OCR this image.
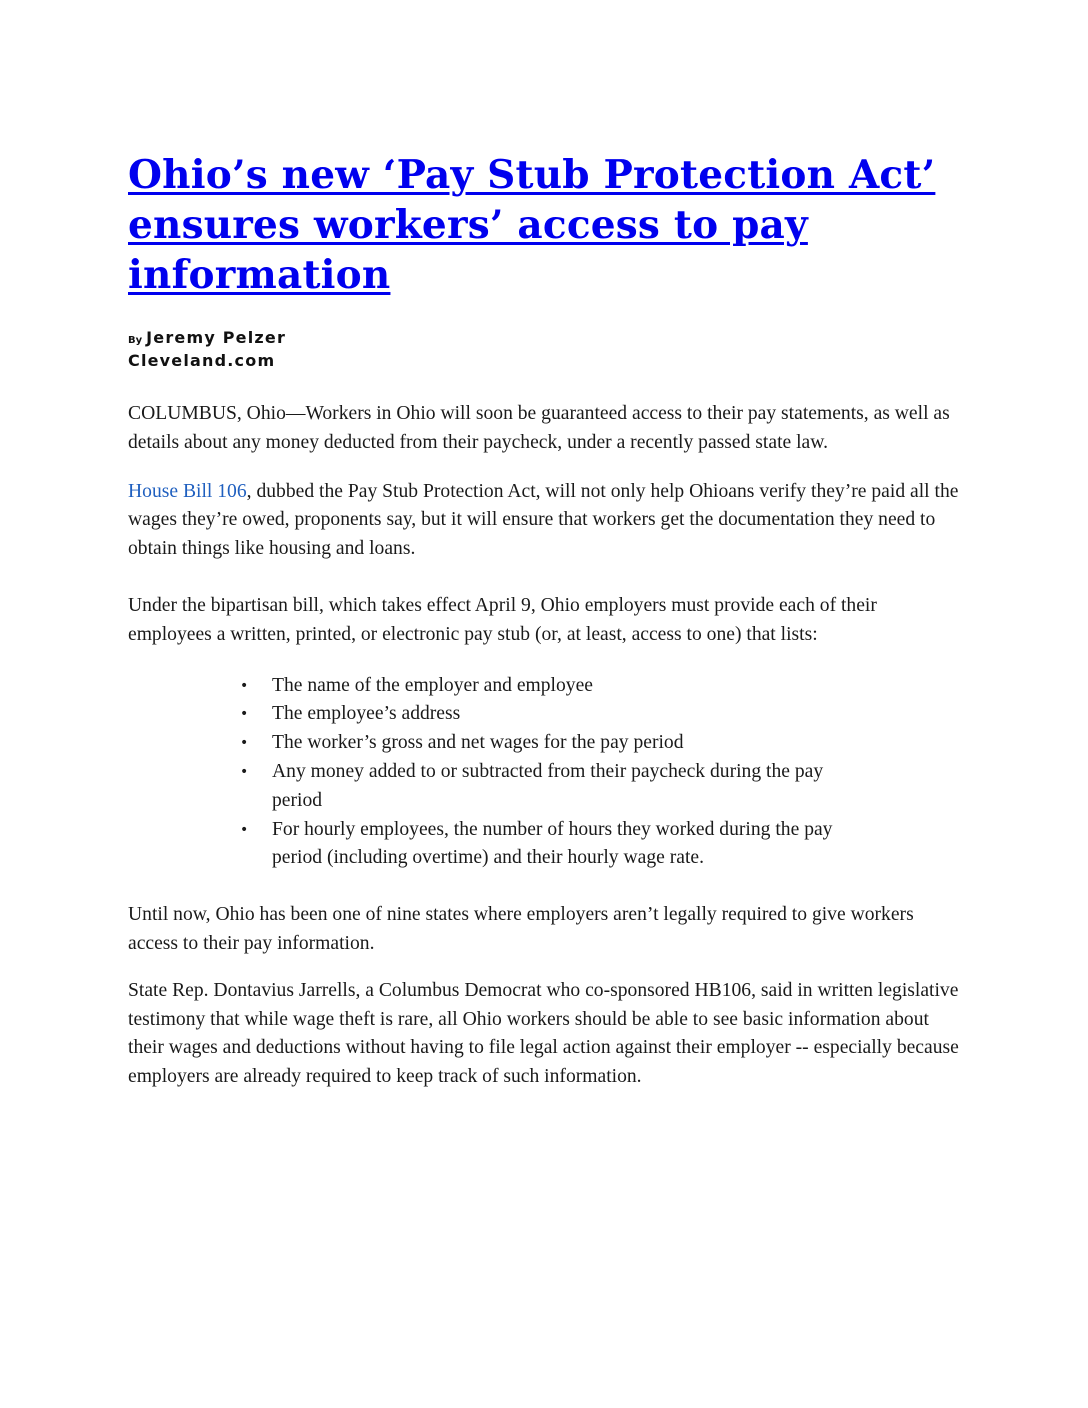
Ohio’s new ‘Pay Stub Protection Act’ ensures workers’ access to pay information
By Jeremy Pelzer
Cleveland.com

COLUMBUS, Ohio—Workers in Ohio will soon be guaranteed access to their pay statements, as well as details about any money deducted from their paycheck, under a recently passed state law.

House Bill 106, dubbed the Pay Stub Protection Act, will not only help Ohioans verify they’re paid all the wages they’re owed, proponents say, but it will ensure that workers get the documentation they need to obtain things like housing and loans.

Under the bipartisan bill, which takes effect April 9, Ohio employers must provide each of their employees a written, printed, or electronic pay stub (or, at least, access to one) that lists:

• The name of the employer and employee
• The employee’s address
• The worker’s gross and net wages for the pay period
• Any money added to or subtracted from their paycheck during the pay period
• For hourly employees, the number of hours they worked during the pay period (including overtime) and their hourly wage rate.

Until now, Ohio has been one of nine states where employers aren’t legally required to give workers access to their pay information.

State Rep. Dontavius Jarrells, a Columbus Democrat who co-sponsored HB106, said in written legislative testimony that while wage theft is rare, all Ohio workers should be able to see basic information about their wages and deductions without having to file legal action against their employer -- especially because employers are already required to keep track of such information.
